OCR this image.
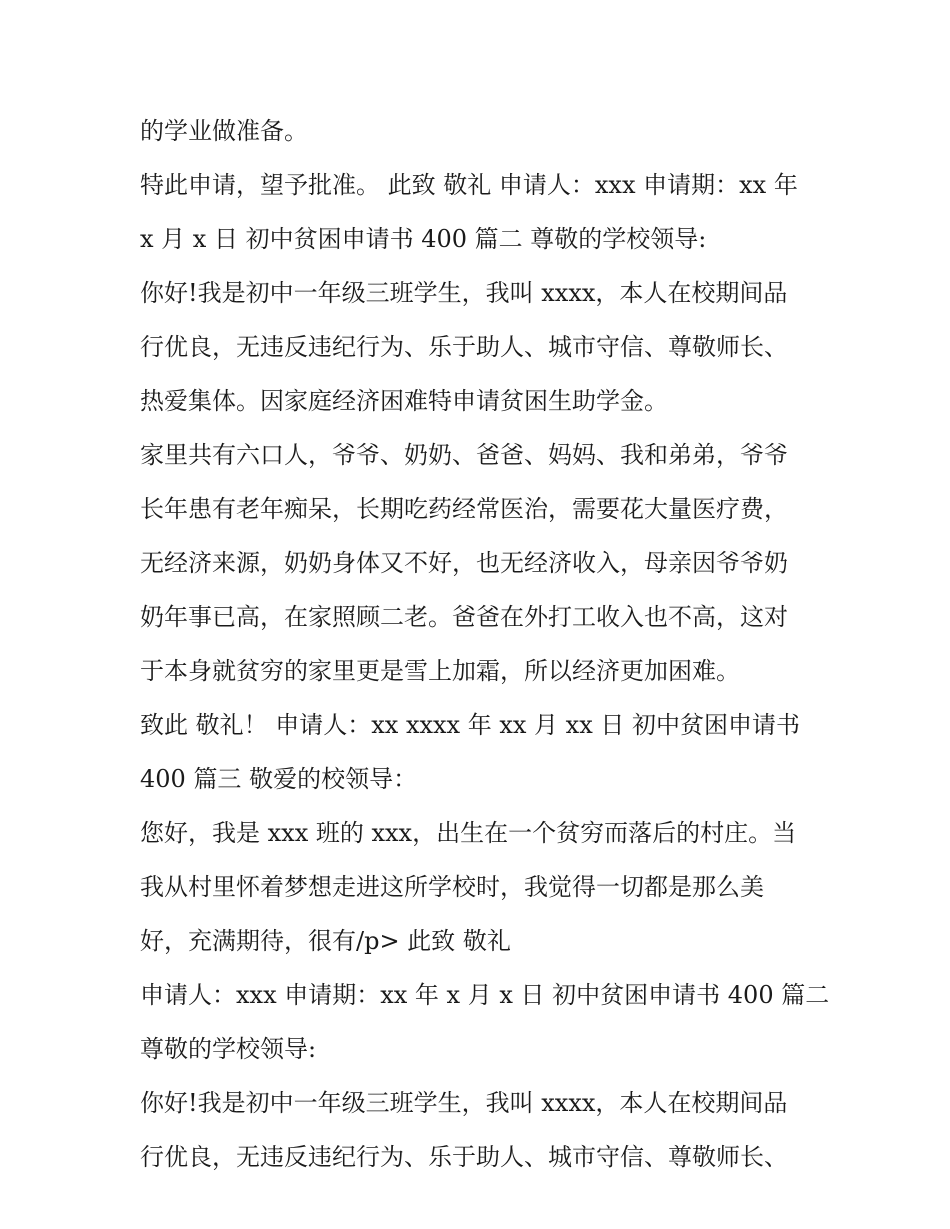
的学业做准备。
特此申请，望予批准。 此致 敬礼 申请人：xxx 申请期：xx 年
x 月 x 日 初中贫困申请书 400 篇二 尊敬的学校领导:
你好!我是初中一年级三班学生，我叫 xxxx，本人在校期间品
行优良，无违反违纪行为、乐于助人、城市守信、尊敬师长、
热爱集体。因家庭经济困难特申请贫困生助学金。
家里共有六口人，爷爷、奶奶、爸爸、妈妈、我和弟弟，爷爷
长年患有老年痴呆，长期吃药经常医治，需要花大量医疗费，
无经济来源，奶奶身体又不好，也无经济收入，母亲因爷爷奶
奶年事已高，在家照顾二老。爸爸在外打工收入也不高，这对
于本身就贫穷的家里更是雪上加霜，所以经济更加困难。
致此 敬礼！ 申请人：xx xxxx 年 xx 月 xx 日 初中贫困申请书
400 篇三 敬爱的校领导：
您好，我是 xxx 班的 xxx，出生在一个贫穷而落后的村庄。当
我从村里怀着梦想走进这所学校时，我觉得一切都是那么美
好，充满期待，很有/p> 此致 敬礼
申请人：xxx 申请期：xx 年 x 月 x 日 初中贫困申请书 400 篇二
尊敬的学校领导:
你好!我是初中一年级三班学生，我叫 xxxx，本人在校期间品
行优良，无违反违纪行为、乐于助人、城市守信、尊敬师长、
